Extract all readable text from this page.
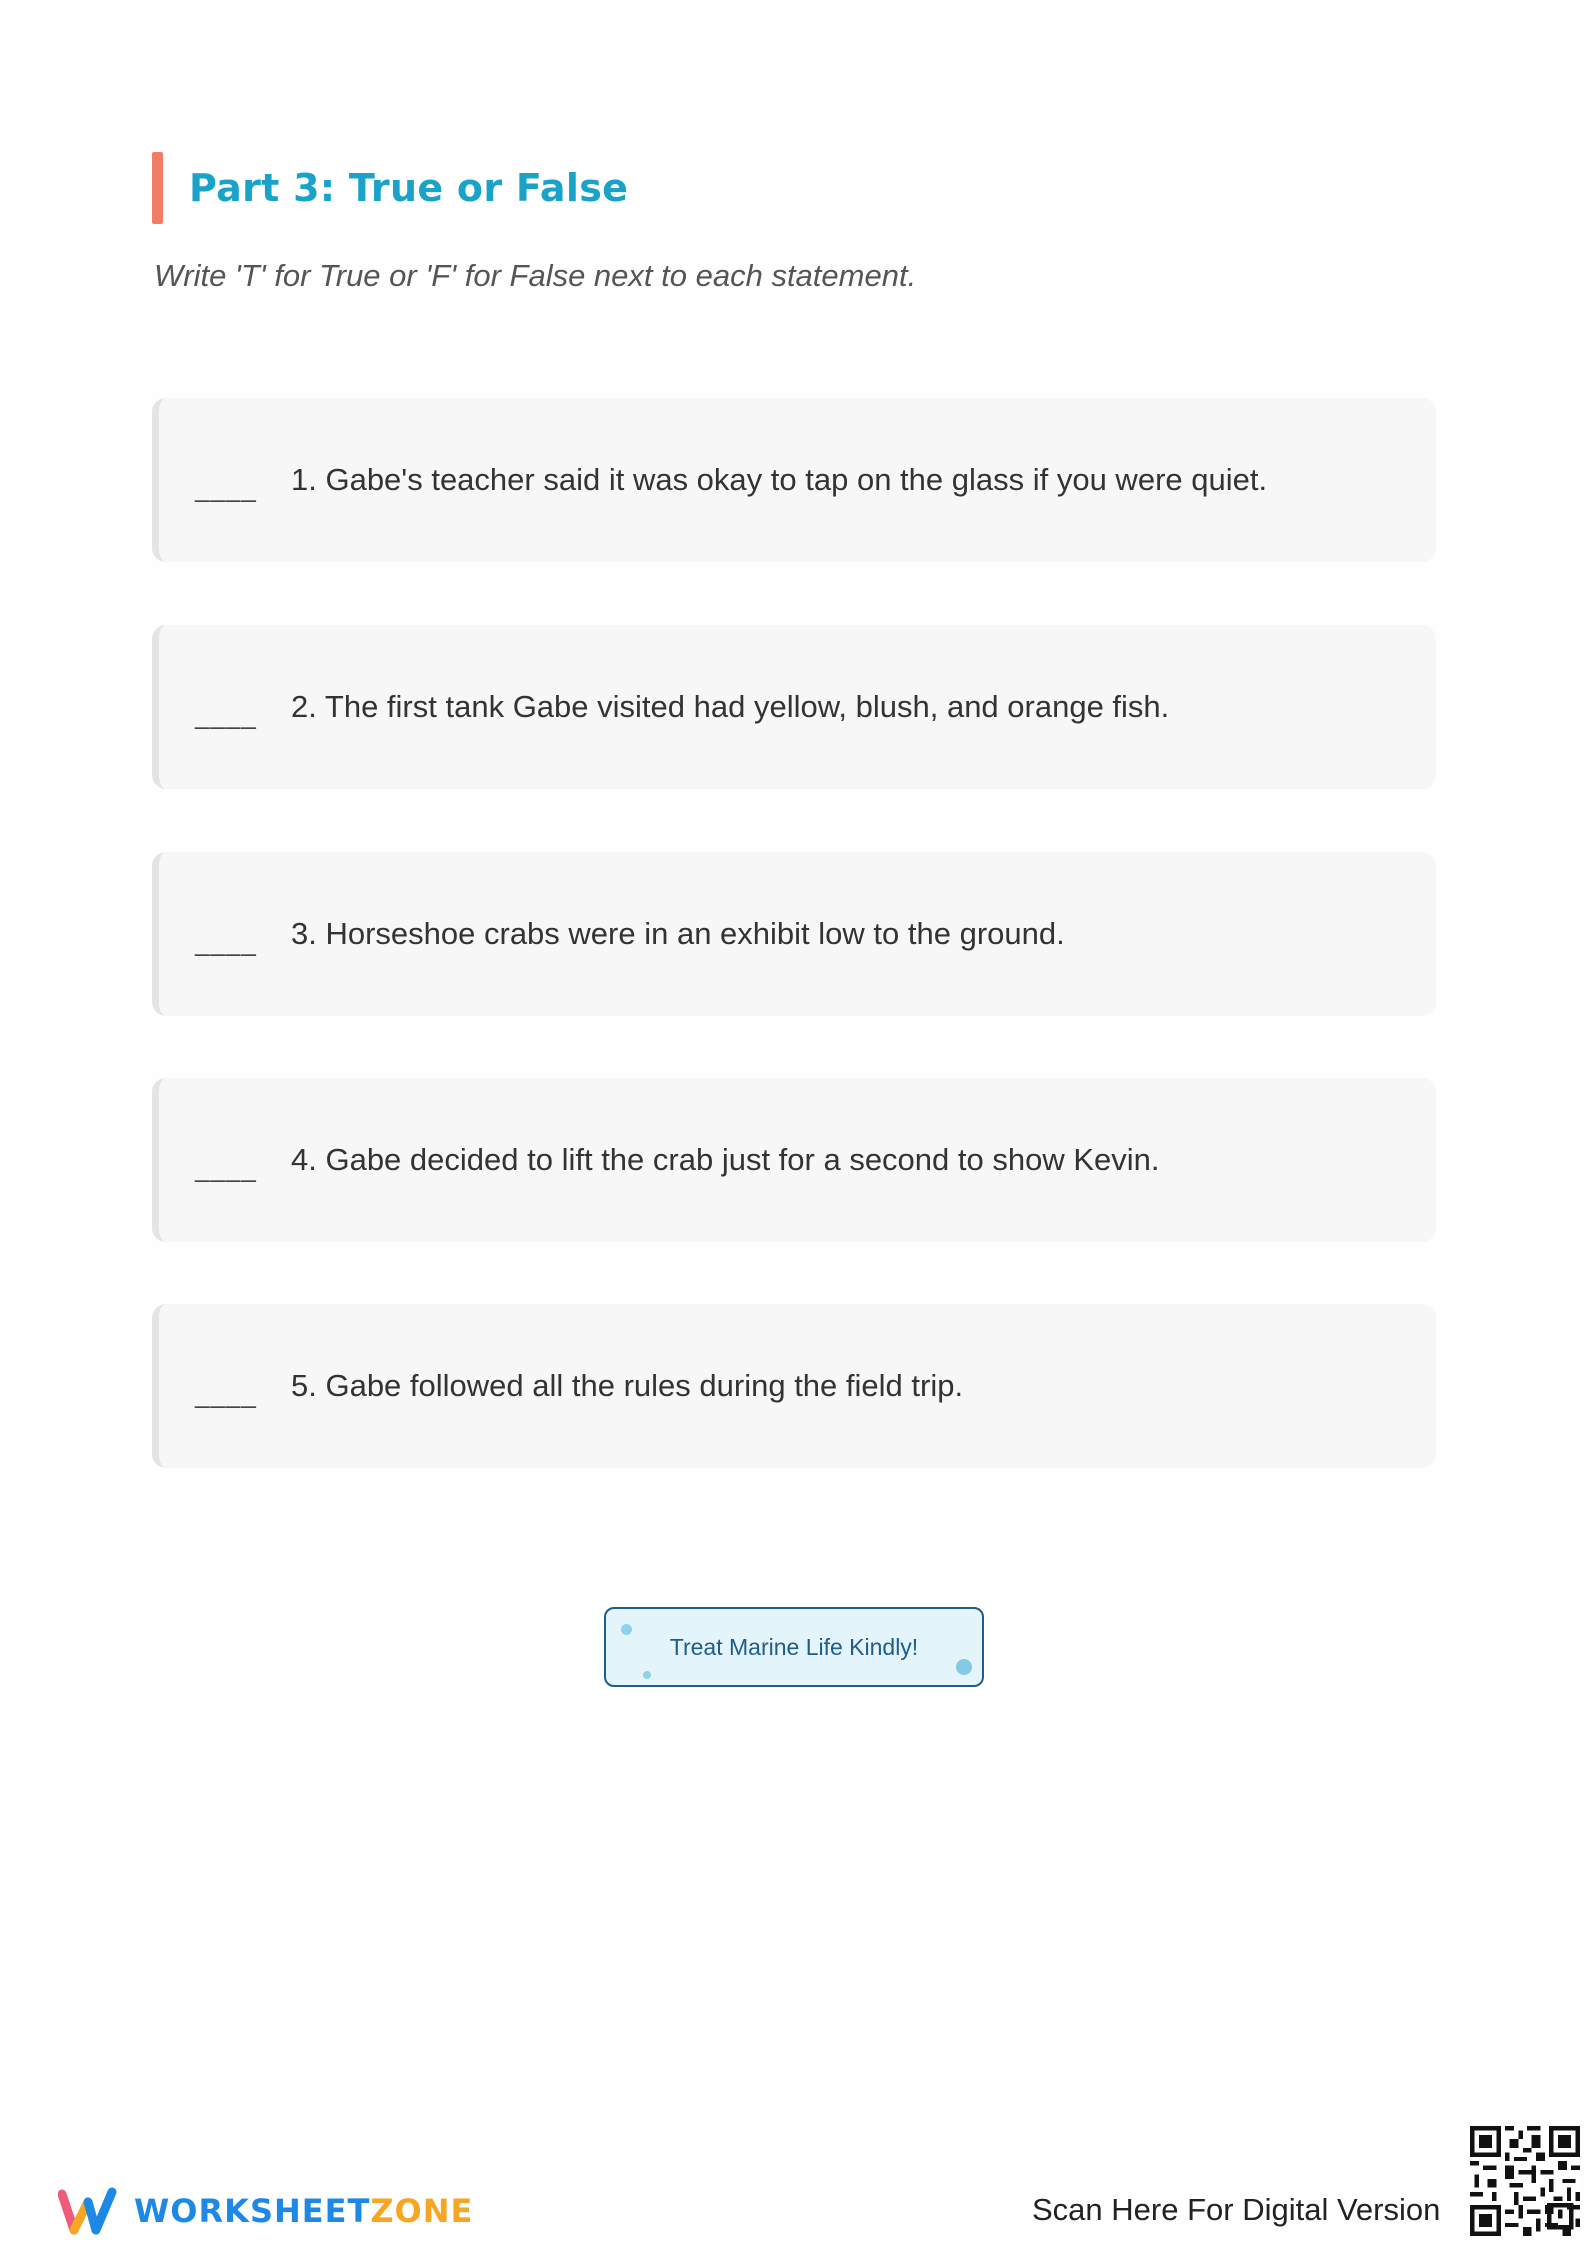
Part 3: True or False
Write 'T' for True or 'F' for False next to each statement.
____ 1. Gabe's teacher said it was okay to tap on the glass if you were quiet.
____ 2. The first tank Gabe visited had yellow, blush, and orange fish.
____ 3. Horseshoe crabs were in an exhibit low to the ground.
____ 4. Gabe decided to lift the crab just for a second to show Kevin.
____ 5. Gabe followed all the rules during the field trip.
Treat Marine Life Kindly!
WORKSHEETZONE	Scan Here For Digital Version
